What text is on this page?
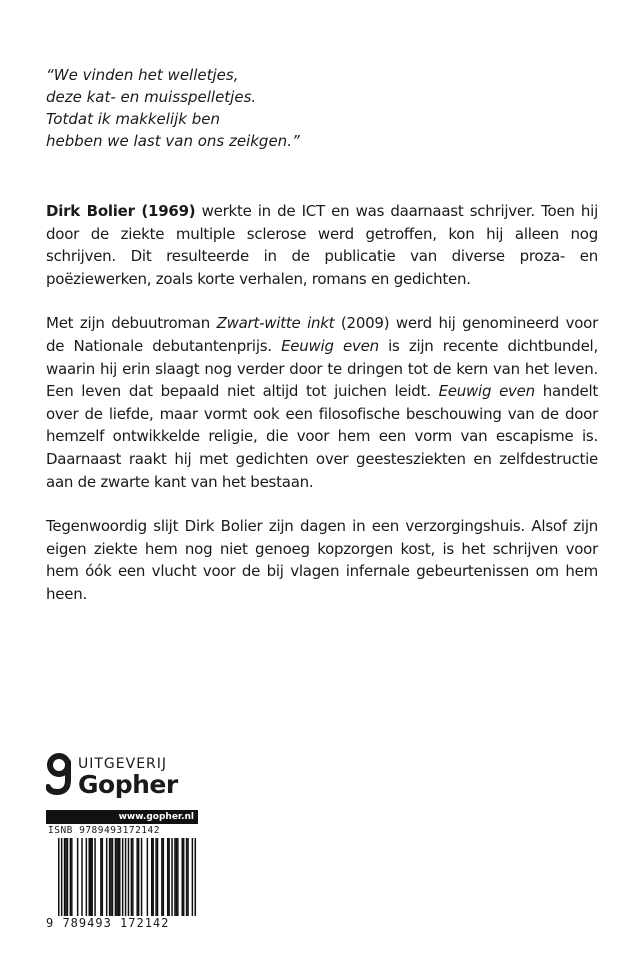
“We vinden het welletjes,
deze kat- en muisspelletjes.
Totdat ik makkelijk ben
hebben we last van ons zeikgen.”

Dirk Bolier (1969) werkte in de ICT en was daarnaast schrijver. Toen hij door de ziekte multiple sclerose werd getroffen, kon hij alleen nog schrijven. Dit resulteerde in de publicatie van diverse proza- en poëziewerken, zoals korte verhalen, romans en gedichten.

Met zijn debuutroman Zwart-witte inkt (2009) werd hij genomineerd voor de Nationale debutantenprijs. Eeuwig even is zijn recente dichtbundel, waarin hij erin slaagt nog verder door te dringen tot de kern van het leven. Een leven dat bepaald niet altijd tot juichen leidt. Eeuwig even handelt over de liefde, maar vormt ook een filosofische beschouwing van de door hemzelf ontwikkelde religie, die voor hem een vorm van escapisme is. Daarnaast raakt hij met gedichten over geestesziekten en zelfdestructie aan de zwarte kant van het bestaan.

Tegenwoordig slijt Dirk Bolier zijn dagen in een verzorgingshuis. Alsof zijn eigen ziekte hem nog niet genoeg kopzorgen kost, is het schrijven voor hem óók een vlucht voor de bij vlagen infernale gebeurtenissen om hem heen.

UITGEVERIJ
Gopher
www.gopher.nl
ISNB 9789493172142
9 789493 172142
